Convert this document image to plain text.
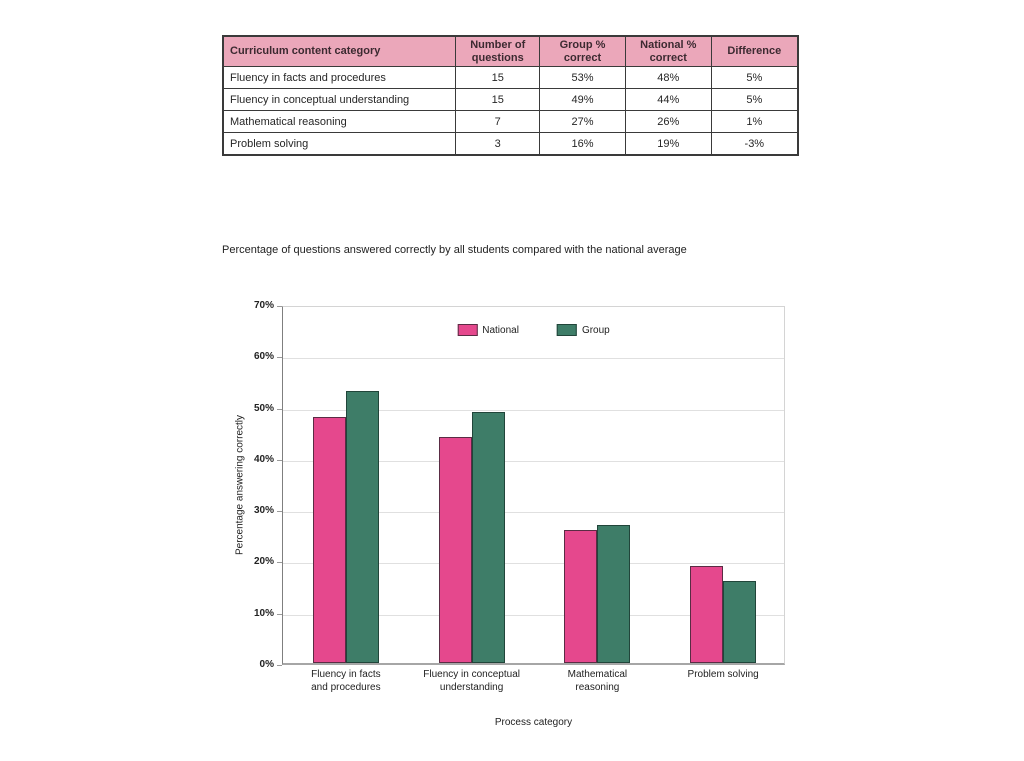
Curriculum content category	Number of questions	Group % correct	National % correct	Difference
Fluency in facts and procedures	15	53%	48%	5%
Fluency in conceptual understanding	15	49%	44%	5%
Mathematical reasoning	7	27%	26%	1%
Problem solving	3	16%	19%	-3%
Percentage of questions answered correctly by all students compared with the national average
Percentage answering correctly
National	Group
Fluency in facts
and procedures
Fluency in conceptual
understanding
Mathematical
reasoning
Problem solving
Process category
0%
10%
20%
30%
40%
50%
60%
70%
